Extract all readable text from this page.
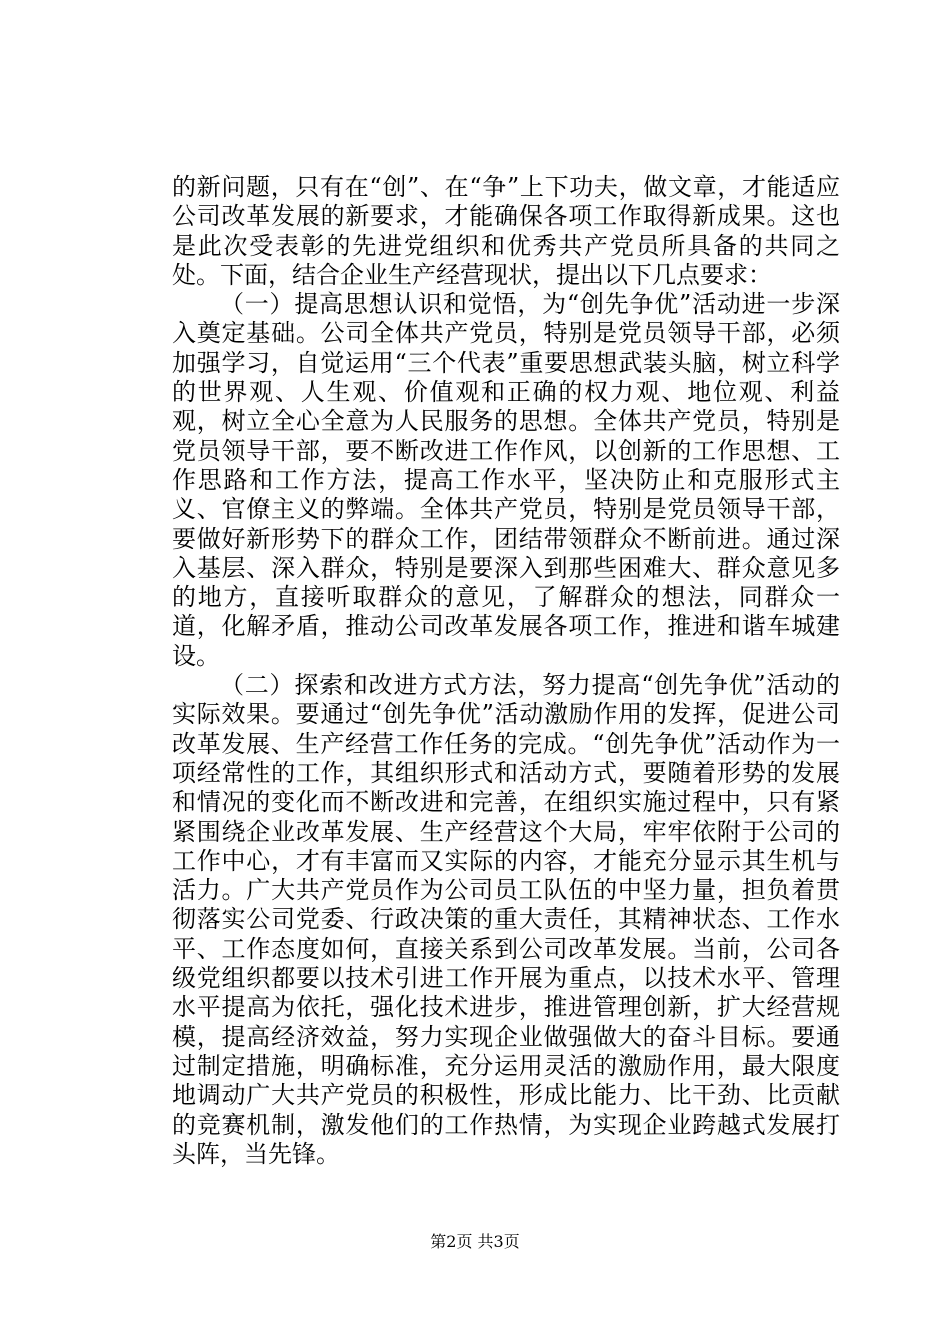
的新问题，只有在“创”、在“争”上下功夫，做文章，才能适应公司改革发展的新要求，才能确保各项工作取得新成果。这也是此次受表彰的先进党组织和优秀共产党员所具备的共同之处。下面，结合企业生产经营现状，提出以下几点要求：

（一）提高思想认识和觉悟，为“创先争优”活动进一步深入奠定基础。公司全体共产党员，特别是党员领导干部，必须加强学习，自觉运用“三个代表”重要思想武装头脑，树立科学的世界观、人生观、价值观和正确的权力观、地位观、利益观，树立全心全意为人民服务的思想。全体共产党员，特别是党员领导干部，要不断改进工作作风，以创新的工作思想、工作思路和工作方法，提高工作水平，坚决防止和克服形式主义、官僚主义的弊端。全体共产党员，特别是党员领导干部，要做好新形势下的群众工作，团结带领群众不断前进。通过深入基层、深入群众，特别是要深入到那些困难大、群众意见多的地方，直接听取群众的意见，了解群众的想法，同群众一道，化解矛盾，推动公司改革发展各项工作，推进和谐车城建设。

（二）探索和改进方式方法，努力提高“创先争优”活动的实际效果。要通过“创先争优”活动激励作用的发挥，促进公司改革发展、生产经营工作任务的完成。“创先争优”活动作为一项经常性的工作，其组织形式和活动方式，要随着形势的发展和情况的变化而不断改进和完善，在组织实施过程中，只有紧紧围绕企业改革发展、生产经营这个大局，牢牢依附于公司的工作中心，才有丰富而又实际的内容，才能充分显示其生机与活力。广大共产党员作为公司员工队伍的中坚力量，担负着贯彻落实公司党委、行政决策的重大责任，其精神状态、工作水平、工作态度如何，直接关系到公司改革发展。当前，公司各级党组织都要以技术引进工作开展为重点，以技术水平、管理水平提高为依托，强化技术进步，推进管理创新，扩大经营规模，提高经济效益，努力实现企业做强做大的奋斗目标。要通过制定措施，明确标准，充分运用灵活的激励作用，最大限度地调动广大共产党员的积极性，形成比能力、比干劲、比贡献的竞赛机制，激发他们的工作热情，为实现企业跨越式发展打头阵，当先锋。

第2页 共3页
